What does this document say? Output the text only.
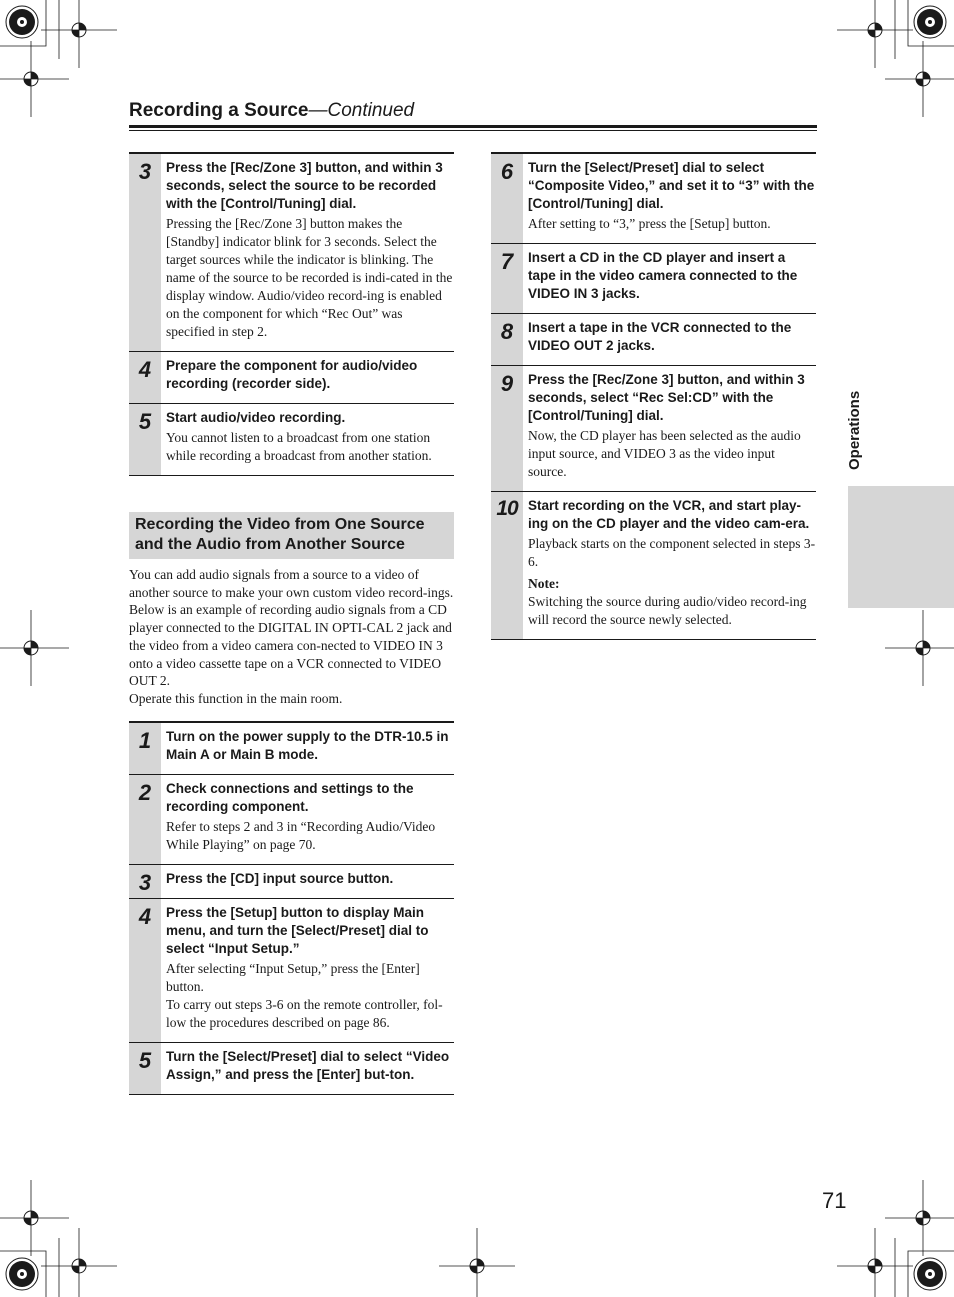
Recording a Source—Continued
3	Press the [Rec/Zone 3] button, and within 3 seconds, select the source to be recorded with the [Control/Tuning] dial.

Pressing the [Rec/Zone 3] button makes the [Standby] indicator blink for 3 seconds. Select the target sources while the indicator is blinking. The name of the source to be recorded is indi-cated in the display window. Audio/video record-ing is enabled on the component for which “Rec Out” was specified in step 2.

4	Prepare the component for audio/video recording (recorder side).

5	Start audio/video recording.

You cannot listen to a broadcast from one station while recording a broadcast from another station.

Recording the Video from One Source and the Audio from Another Source

You can add audio signals from a source to a video of another source to make your own custom video record-ings. Below is an example of recording audio signals from a CD player connected to the DIGITAL IN OPTI-CAL 2 jack and the video from a video camera con-nected to VIDEO IN 3 onto a video cassette tape on a VCR connected to VIDEO OUT 2.

Operate this function in the main room.

1	Turn on the power supply to the DTR-10.5 in Main A or Main B mode.

2	Check connections and settings to the recording component.

Refer to steps 2 and 3 in “Recording Audio/Video While Playing” on page 70.

3	Press the [CD] input source button.

4	Press the [Setup] button to display Main menu, and turn the [Select/Preset] dial to select “Input Setup.”

After selecting “Input Setup,” press the [Enter] button.

To carry out steps 3-6 on the remote controller, fol-low the procedures described on page 86.

5	Turn the [Select/Preset] dial to select “Video Assign,” and press the [Enter] but-ton.

6	Turn the [Select/Preset] dial to select “Composite Video,” and set it to “3” with the [Control/Tuning] dial.

After setting to “3,” press the [Setup] button.

7	Insert a CD in the CD player and insert a tape in the video camera connected to the VIDEO IN 3 jacks.

8	Insert a tape in the VCR connected to the VIDEO OUT 2 jacks.

9	Press the [Rec/Zone 3] button, and within 3 seconds, select “Rec Sel:CD” with the [Control/Tuning] dial.

Now, the CD player has been selected as the audio input source, and VIDEO 3 as the video input source.

10 Start recording on the VCR, and start play-ing on the CD player and the video cam-era.

Playback starts on the component selected in steps 3-6.

Note:

Switching the source during audio/video record-ing will record the source newly selected.

Operations
71
